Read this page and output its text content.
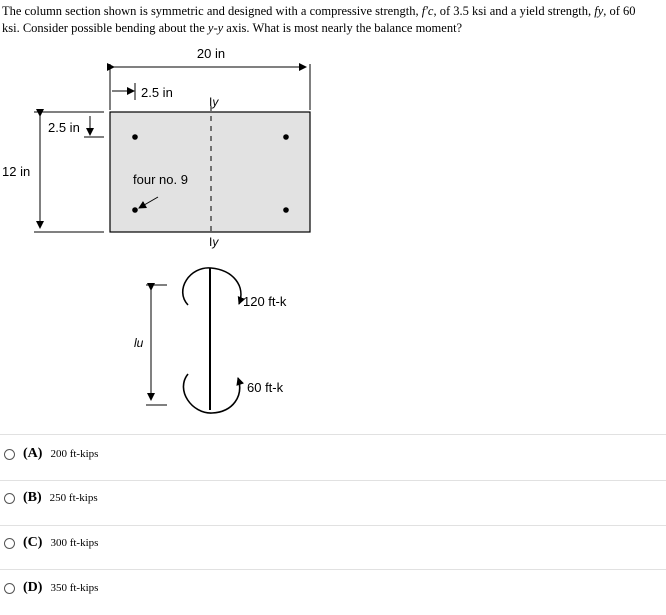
The column section shown is symmetric and designed with a compressive strength, f′c, of 3.5 ksi and a yield strength, fy, of 60 ksi. Consider possible bending about the y-y axis. What is most nearly the balance moment?
20 in
2.5 in
12 in
2.5 in
Iy
Iy
four no. 9
lu
120 ft-k
60 ft-k
(A) 200 ft-kips
(B) 250 ft-kips
(C) 300 ft-kips
(D) 350 ft-kips
